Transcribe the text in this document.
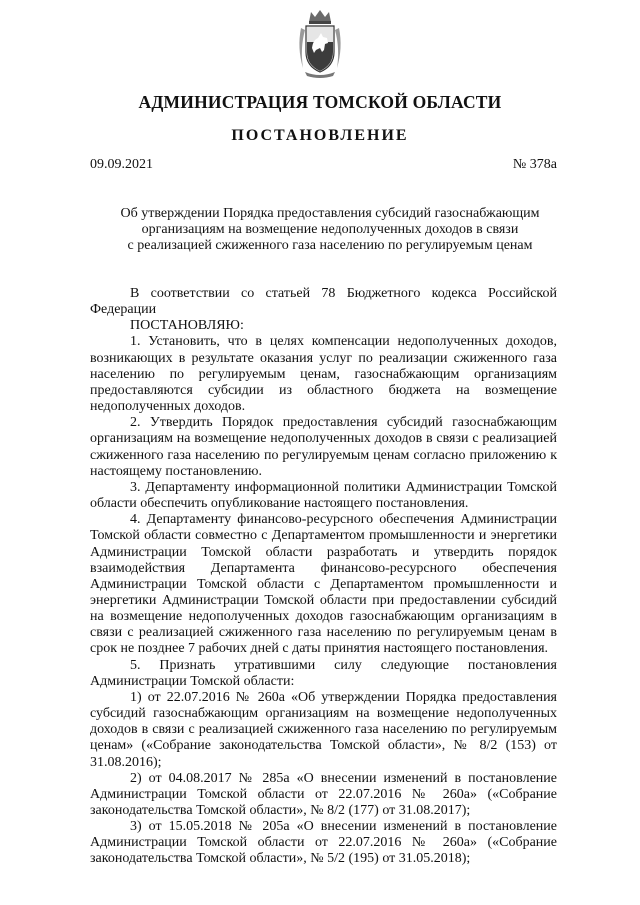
АДМИНИСТРАЦИЯ ТОМСКОЙ ОБЛАСТИ
ПОСТАНОВЛЕНИЕ
09.09.2021	№ 378а
Об утверждении Порядка предоставления субсидий газоснабжающим
организациям на возмещение недополученных доходов в связи
с реализацией сжиженного газа населению по регулируемым ценам

В соответствии со статьей 78 Бюджетного кодекса Российской Федерации

ПОСТАНОВЛЯЮ:

1. Установить, что в целях компенсации недополученных доходов, возникающих в результате оказания услуг по реализации сжиженного газа населению по регулируемым ценам, газоснабжающим организациям предоставляются субсидии из областного бюджета на возмещение недополученных доходов.

2. Утвердить Порядок предоставления субсидий газоснабжающим организациям на возмещение недополученных доходов в связи с реализацией сжиженного газа населению по регулируемым ценам согласно приложению к настоящему постановлению.

3. Департаменту информационной политики Администрации Томской области обеспечить опубликование настоящего постановления.

4. Департаменту финансово-ресурсного обеспечения Администрации Томской области совместно с Департаментом промышленности и энергетики Администрации Томской области разработать и утвердить порядок взаимодействия Департамента финансово-ресурсного обеспечения Администрации Томской области с Департаментом промышленности и энергетики Администрации Томской области при предоставлении субсидий на возмещение недополученных доходов газоснабжающим организациям в связи с реализацией сжиженного газа населению по регулируемым ценам в срок не позднее 7 рабочих дней с даты принятия настоящего постановления.

5. Признать утратившими силу следующие постановления Администрации Томской области:

1) от 22.07.2016 № 260а «Об утверждении Порядка предоставления субсидий газоснабжающим организациям на возмещение недополученных доходов в связи с реализацией сжиженного газа населению по регулируемым ценам» («Собрание законодательства Томской области», № 8/2 (153) от 31.08.2016);

2) от 04.08.2017 № 285а «О внесении изменений в постановление Администрации Томской области от 22.07.2016 № 260а» («Собрание законодательства Томской области», № 8/2 (177) от 31.08.2017);

3) от 15.05.2018 № 205а «О внесении изменений в постановление Администрации Томской области от 22.07.2016 № 260а» («Собрание законодательства Томской области», № 5/2 (195) от 31.05.2018);
